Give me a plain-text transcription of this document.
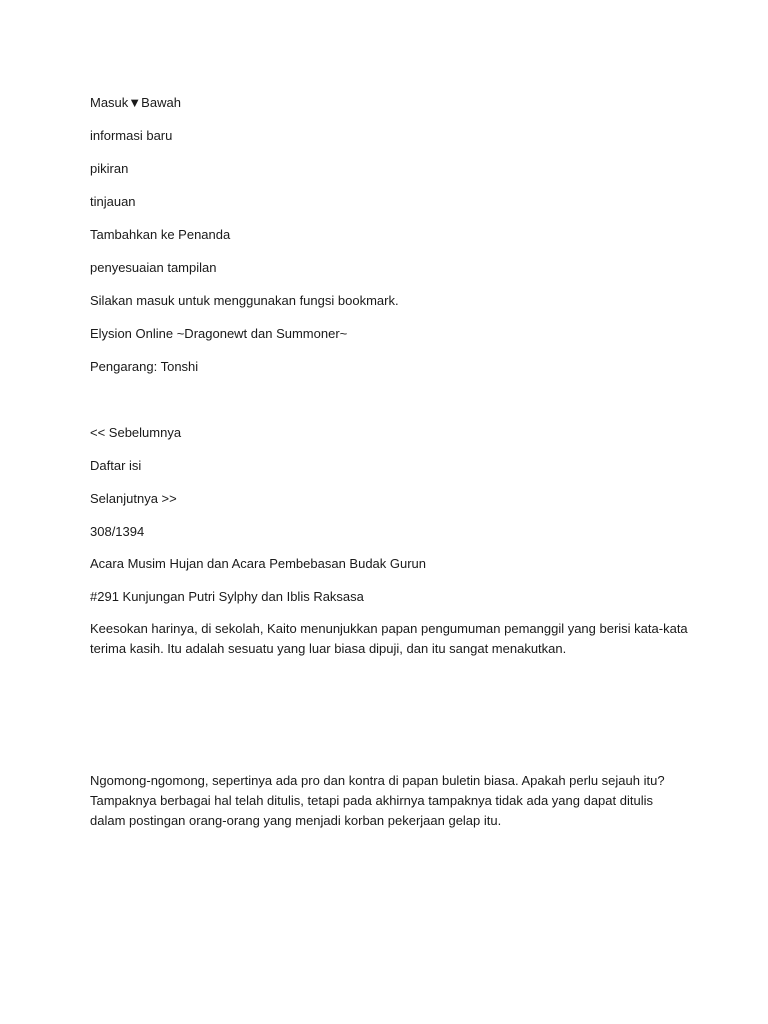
Masuk▼Bawah
informasi baru
pikiran
tinjauan
Tambahkan ke Penanda
penyesuaian tampilan
Silakan masuk untuk menggunakan fungsi bookmark.
Elysion Online ~Dragonewt dan Summoner~
Pengarang: Tonshi
<< Sebelumnya
Daftar isi
Selanjutnya >>
308/1394
Acara Musim Hujan dan Acara Pembebasan Budak Gurun
#291 Kunjungan Putri Sylphy dan Iblis Raksasa
Keesokan harinya, di sekolah, Kaito menunjukkan papan pengumuman pemanggil yang berisi kata-kata
terima kasih. Itu adalah sesuatu yang luar biasa dipuji, dan itu sangat menakutkan.
Ngomong-ngomong, sepertinya ada pro dan kontra di papan buletin biasa. Apakah perlu sejauh itu?
Tampaknya berbagai hal telah ditulis, tetapi pada akhirnya tampaknya tidak ada yang dapat ditulis
dalam postingan orang-orang yang menjadi korban pekerjaan gelap itu.
